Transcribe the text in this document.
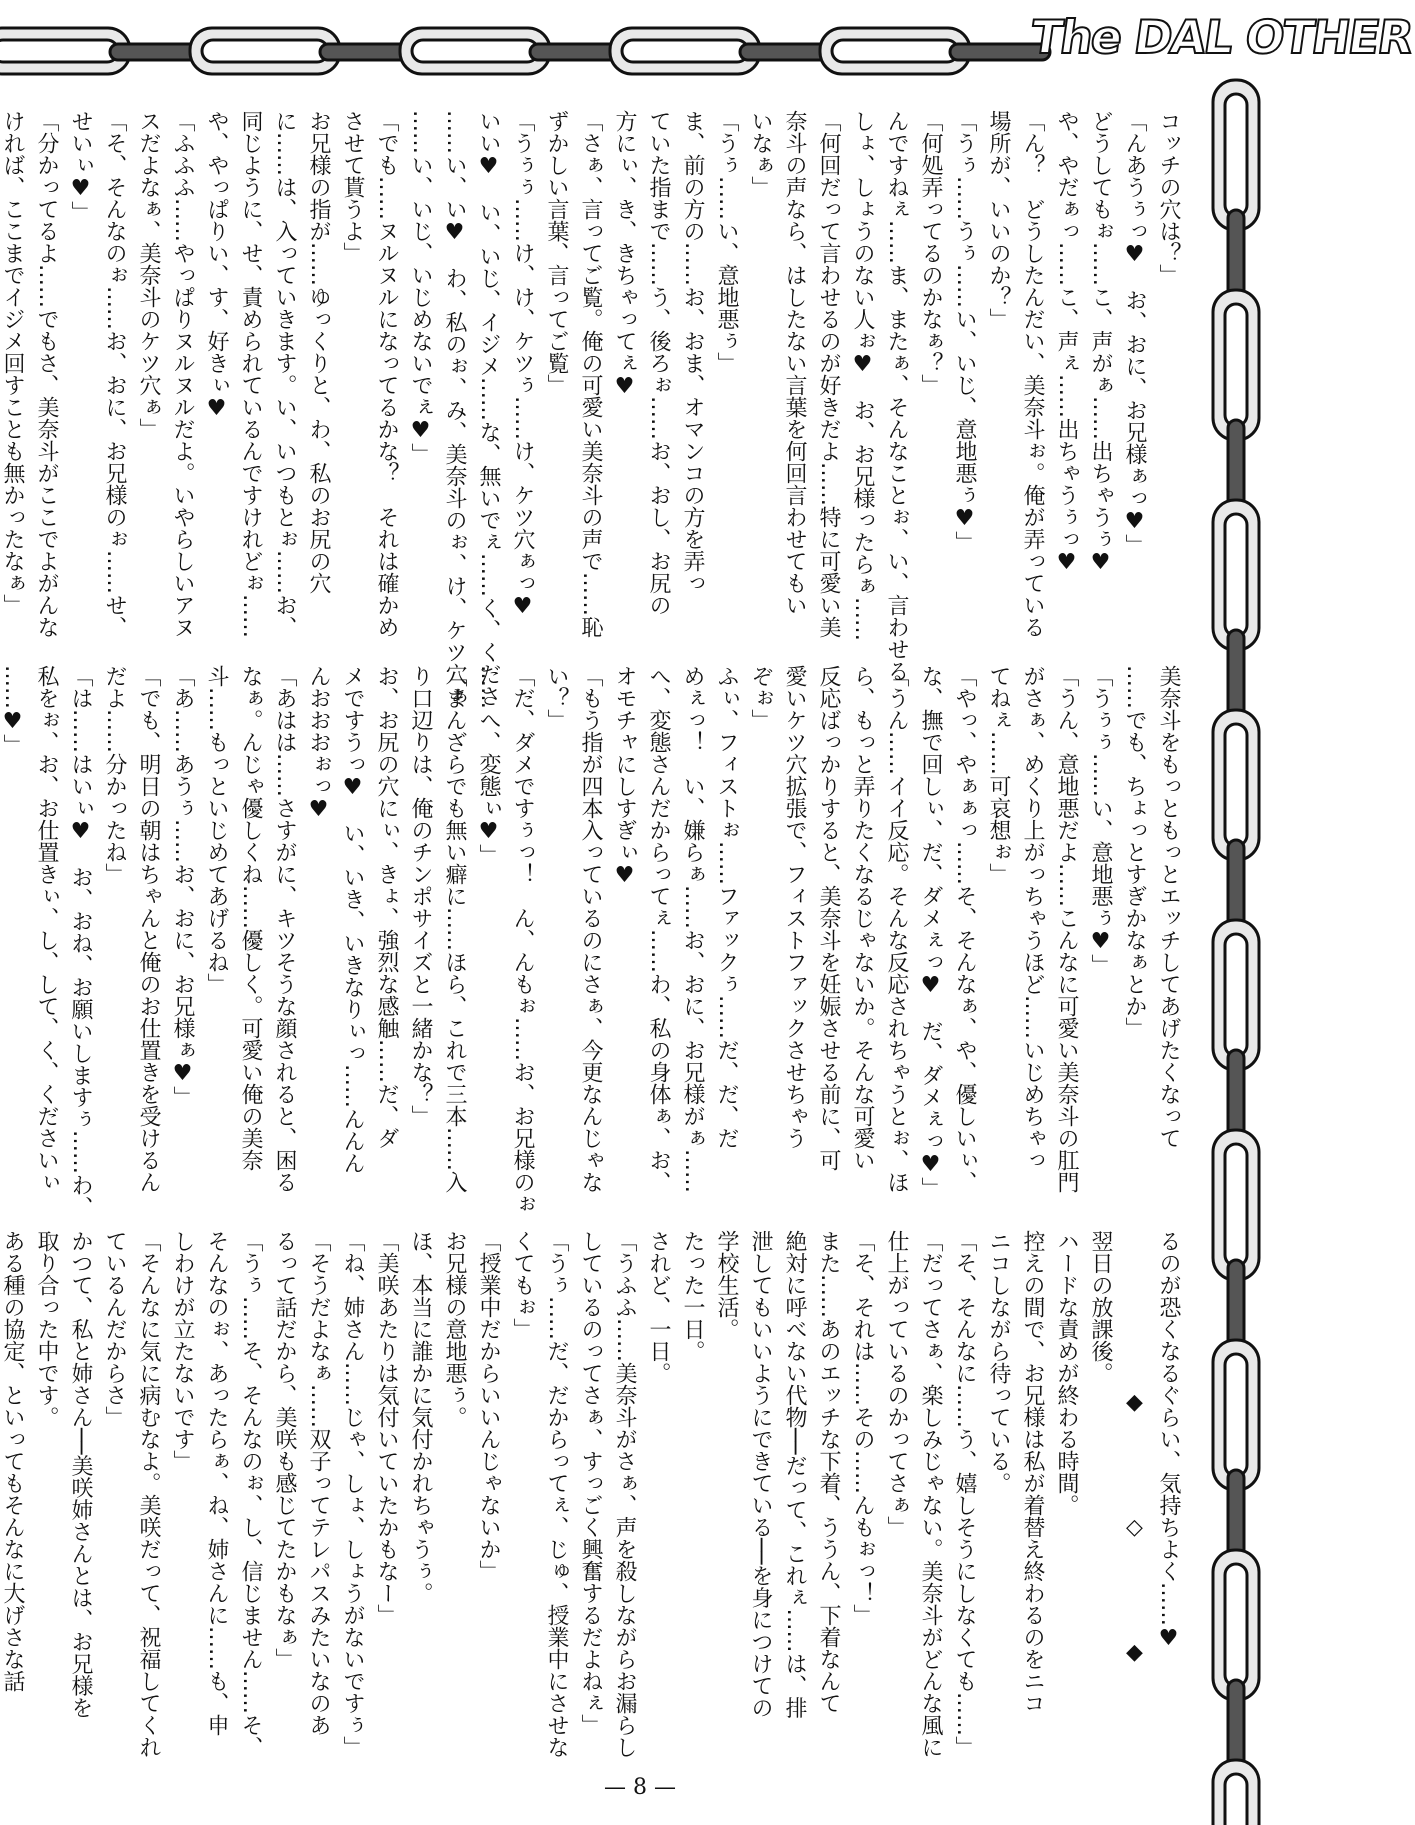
The DAL OTHER
コッチの穴は？」
「んあうぅっ♥　お、おに、お兄様ぁっ♥」
どうしてもぉ……こ、声がぁ……出ちゃうぅ♥
や、やだぁっ……こ、声ぇ……出ちゃうぅっ♥
「ん？　どうしたんだい、美奈斗ぉ。俺が弄っている
場所が、いいのか？」
「うぅ……うぅ……い、いじ、意地悪ぅ♥」
「何処弄ってるのかなぁ？」
んですねぇ……ま、またぁ、そんなことぉ、い、言わせる
しょ、しょうのない人ぉ♥　お、お兄様ったらぁ……
「何回だって言わせるのが好きだよ……特に可愛い美
奈斗の声なら、はしたない言葉を何回言わせてもい
いなぁ」
「うぅ……い、意地悪ぅ」
ま、前の方の……お、おま、オマンコの方を弄っ
ていた指まで……う、後ろぉ……お、おし、お尻の
方にぃ、き、きちゃってぇ♥
「さぁ、言ってご覧。俺の可愛い美奈斗の声で……恥
ずかしい言葉、言ってご覧」
「うぅぅ……け、け、ケツぅ……け、ケツ穴ぁっ♥
いい♥　い、いじ、イジメ……な、無いでぇ……く、くださ
……い、い♥　わ、私のぉ、み、美奈斗のぉ、け、ケツ穴ぁ
……い、いじ、いじめないでぇ♥」
「でも……ヌルヌルになってるかな？　それは確かめ
させて貰うよ」
お兄様の指が……ゆっくりと、わ、私のお尻の穴
に……は、入っていきます。い、いつもとぉ……お、
同じように、せ、責められているんですけれどぉ……
や、やっぱりい、す、好きぃ♥
「ふふふ……やっぱりヌルヌルだよ。いやらしいアヌ
スだよなぁ、美奈斗のケツ穴ぁ」
「そ、そんなのぉ……お、おに、お兄様のぉ……せ、
せいぃ♥」
「分かってるよ……でもさ、美奈斗がここでよがんな
ければ、ここまでイジメ回すことも無かったなぁ」
美奈斗をもっともっとエッチしてあげたくなって
……でも、ちょっとすぎかなぁとか」
「うぅぅ……い、意地悪ぅ♥」
「うん、意地悪だよ……こんなに可愛い美奈斗の肛門
がさぁ、めくり上がっちゃうほど……いじめちゃっ
てねぇ……可哀想ぉ」
「やっ、やぁぁっ……そ、そんなぁ、や、優しいぃ、
な、撫で回しぃ、だ、ダメぇっ♥　だ、ダメぇっ♥」
「うん……イイ反応。そんな反応されちゃうとぉ、ほ
ら、もっと弄りたくなるじゃないか。そんな可愛い
反応ばっかりすると、美奈斗を妊娠させる前に、可
愛いケツ穴拡張で、フィストファックさせちゃう
ぞぉ」
ふぃ、フィストぉ……ファックぅ……だ、だ、だ
めぇっ！　い、嫌らぁ……お、おに、お兄様がぁ……
へ、変態さんだからってぇ……わ、私の身体ぁ、お、
オモチャにしすぎぃ♥
「もう指が四本入っているのにさぁ、今更なんじゃな
い？」
「だ、ダメですぅっ！　ん、んもぉ……お、お兄様のぉ
……へ、変態ぃ♥」
「まんざらでも無い癖に……ほら、これで三本……入
り口辺りは、俺のチンポサイズと一緒かな？」
お、お尻の穴にぃ、きょ、強烈な感触……だ、ダ
メですうっ♥　い、いき、いきなりぃっ……んんん
んおおおぉっ♥
「あはは……さすがに、キツそうな顔されると、困る
なぁ。んじゃ優しくね……優しく。可愛い俺の美奈
斗……もっといじめてあげるね」
「あ……あうぅ……お、おに、お兄様ぁ♥」
「でも、明日の朝はちゃんと俺のお仕置きを受けるん
だよ……分かったね」
「は……はいぃ♥　お、おね、お願いしますぅ……わ、
私をぉ、お、お仕置きぃ、し、して、く、くださいぃ
……♥」
るのが恐くなるぐらい、気持ちよく……♥
◆◇◆
翌日の放課後。
ハードな責めが終わる時間。
控えの間で、お兄様は私が着替え終わるのをニコ
ニコしながら待っている。
「そ、そんなに……う、嬉しそうにしなくても……」
「だってさぁ、楽しみじゃない。美奈斗がどんな風に
仕上がっているのかってさぁ」
「そ、それは……その……んもぉっ！」
また……あのエッチな下着、ううん、下着なんて
絶対に呼べない代物──だって、これぇ……は、排
泄してもいいようにできている──を身につけての
学校生活。
たった一日。
されど、一日。
「うふふ……美奈斗がさぁ、声を殺しながらお漏らし
しているのってさぁ、すっごく興奮するだよねぇ」
「うぅ……だ、だからってぇ、じゅ、授業中にさせな
くてもぉ」
「授業中だからいいんじゃないか」
お兄様の意地悪ぅ。
ほ、本当に誰かに気付かれちゃうぅ。
「美咲あたりは気付いていたかもなー」
「ね、姉さん……じゃ、しょ、しょうがないですぅ」
「そうだよなぁ……双子ってテレパスみたいなのあ
るって話だから、美咲も感じてたかもなぁ」
「うぅ……そ、そんなのぉ、し、信じません……そ、
そんなのぉ、あったらぁ、ね、姉さんに……も、申
しわけが立たないです」
「そんなに気に病むなよ。美咲だって、祝福してくれ
ているんだからさ」
かつて、私と姉さん──美咲姉さんとは、お兄様を
取り合った中です。
ある種の協定、といってもそんなに大げさな話
— 8 —
